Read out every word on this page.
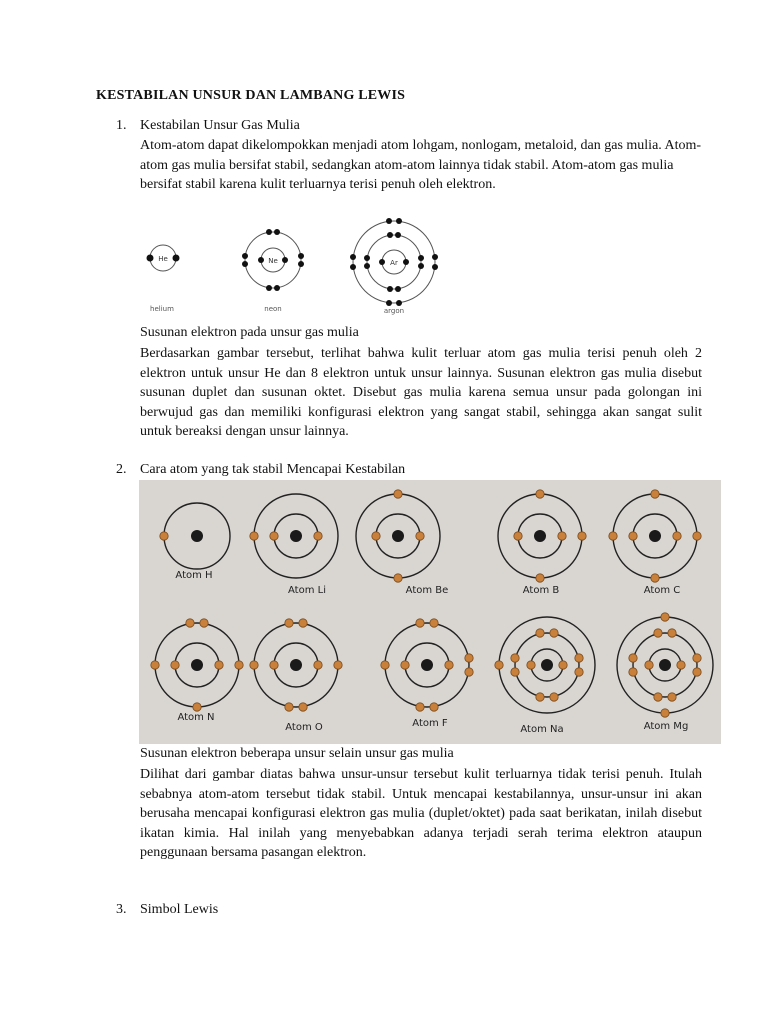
KESTABILAN UNSUR DAN LAMBANG LEWIS
1. Kestabilan Unsur Gas Mulia

Atom-atom dapat dikelompokkan menjadi atom lohgam, nonlogam, metaloid, dan gas mulia. Atom-atom gas mulia bersifat stabil, sedangkan atom-atom lainnya tidak stabil. Atom-atom gas mulia bersifat stabil karena kulit terluarnya terisi penuh oleh elektron.

He
helium
Ne
neon
Ar
argon
Susunan elektron pada unsur gas mulia

Berdasarkan gambar tersebut, terlihat bahwa kulit terluar atom gas mulia terisi penuh oleh 2 elektron untuk unsur He dan 8 elektron untuk unsur lainnya. Susunan elektron gas mulia disebut susunan duplet dan susunan oktet. Disebut gas mulia karena semua unsur pada golongan ini berwujud gas dan memiliki konfigurasi elektron yang sangat stabil, sehingga akan sangat sulit untuk bereaksi dengan unsur lainnya.

2. Cara atom yang tak stabil Mencapai Kestabilan
Atom H
Atom Li	Atom Be	Atom B	Atom C
Atom N
Atom O	Atom F
Atom Na	Atom Mg
Susunan elektron beberapa unsur selain unsur gas mulia

Dilihat dari gambar diatas bahwa unsur-unsur tersebut kulit terluarnya tidak terisi penuh. Itulah sebabnya atom-atom tersebut tidak stabil. Untuk mencapai kestabilannya, unsur-unsur ini akan berusaha mencapai konfigurasi elektron gas mulia (duplet/oktet) pada saat berikatan, inilah disebut ikatan kimia. Hal inilah yang menyebabkan adanya terjadi serah terima elektron ataupun penggunaan bersama pasangan elektron.

3. Simbol Lewis
